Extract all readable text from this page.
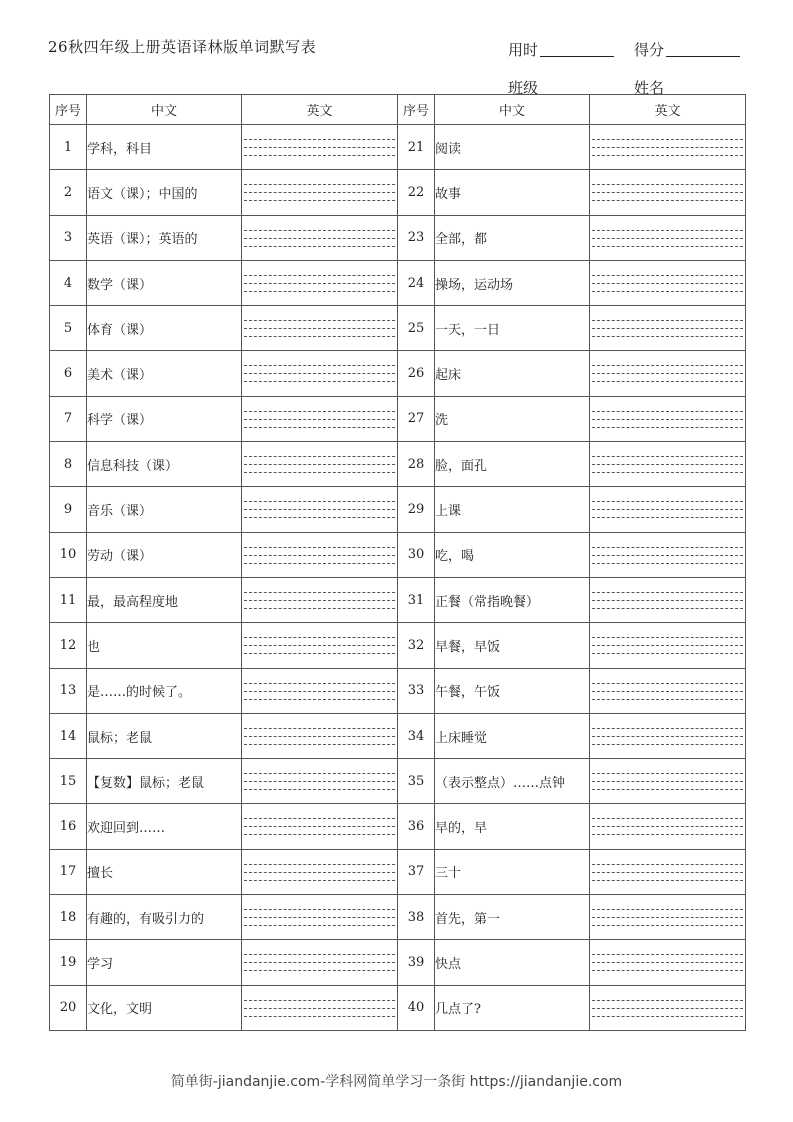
26秋四年级上册英语译林版单词默写表	用时	得分
班级	姓名
序号	中文	英文	序号	中文	英文
1	学科，科目		21	阅读	

2	语文（课）；中国的		22	故事	

3	英语（课）；英语的		23	全部，都	

4	数学（课）		24	操场，运动场	

5	体育（课）		25	一天，一日	

6	美术（课）		26	起床	

7	科学（课）		27	洗	

8	信息科技（课）		28	脸，面孔	

9	音乐（课）		29	上课	

10	劳动（课）		30	吃，喝	

11	最，最高程度地		31	正餐（常指晚餐）	

12	也		32	早餐，早饭	

13	是……的时候了。		33	午餐，午饭	

14	鼠标；老鼠		34	上床睡觉	

15	【复数】鼠标；老鼠		35	（表示整点）……点钟	

16	欢迎回到……		36	早的，早	

17	擅长		37	三十	

18	有趣的，有吸引力的		38	首先，第一	

19	学习		39	快点	

20	文化，文明		40	几点了?	
简单街-jiandanjie.com-学科网简单学习一条街 https://jiandanjie.com
